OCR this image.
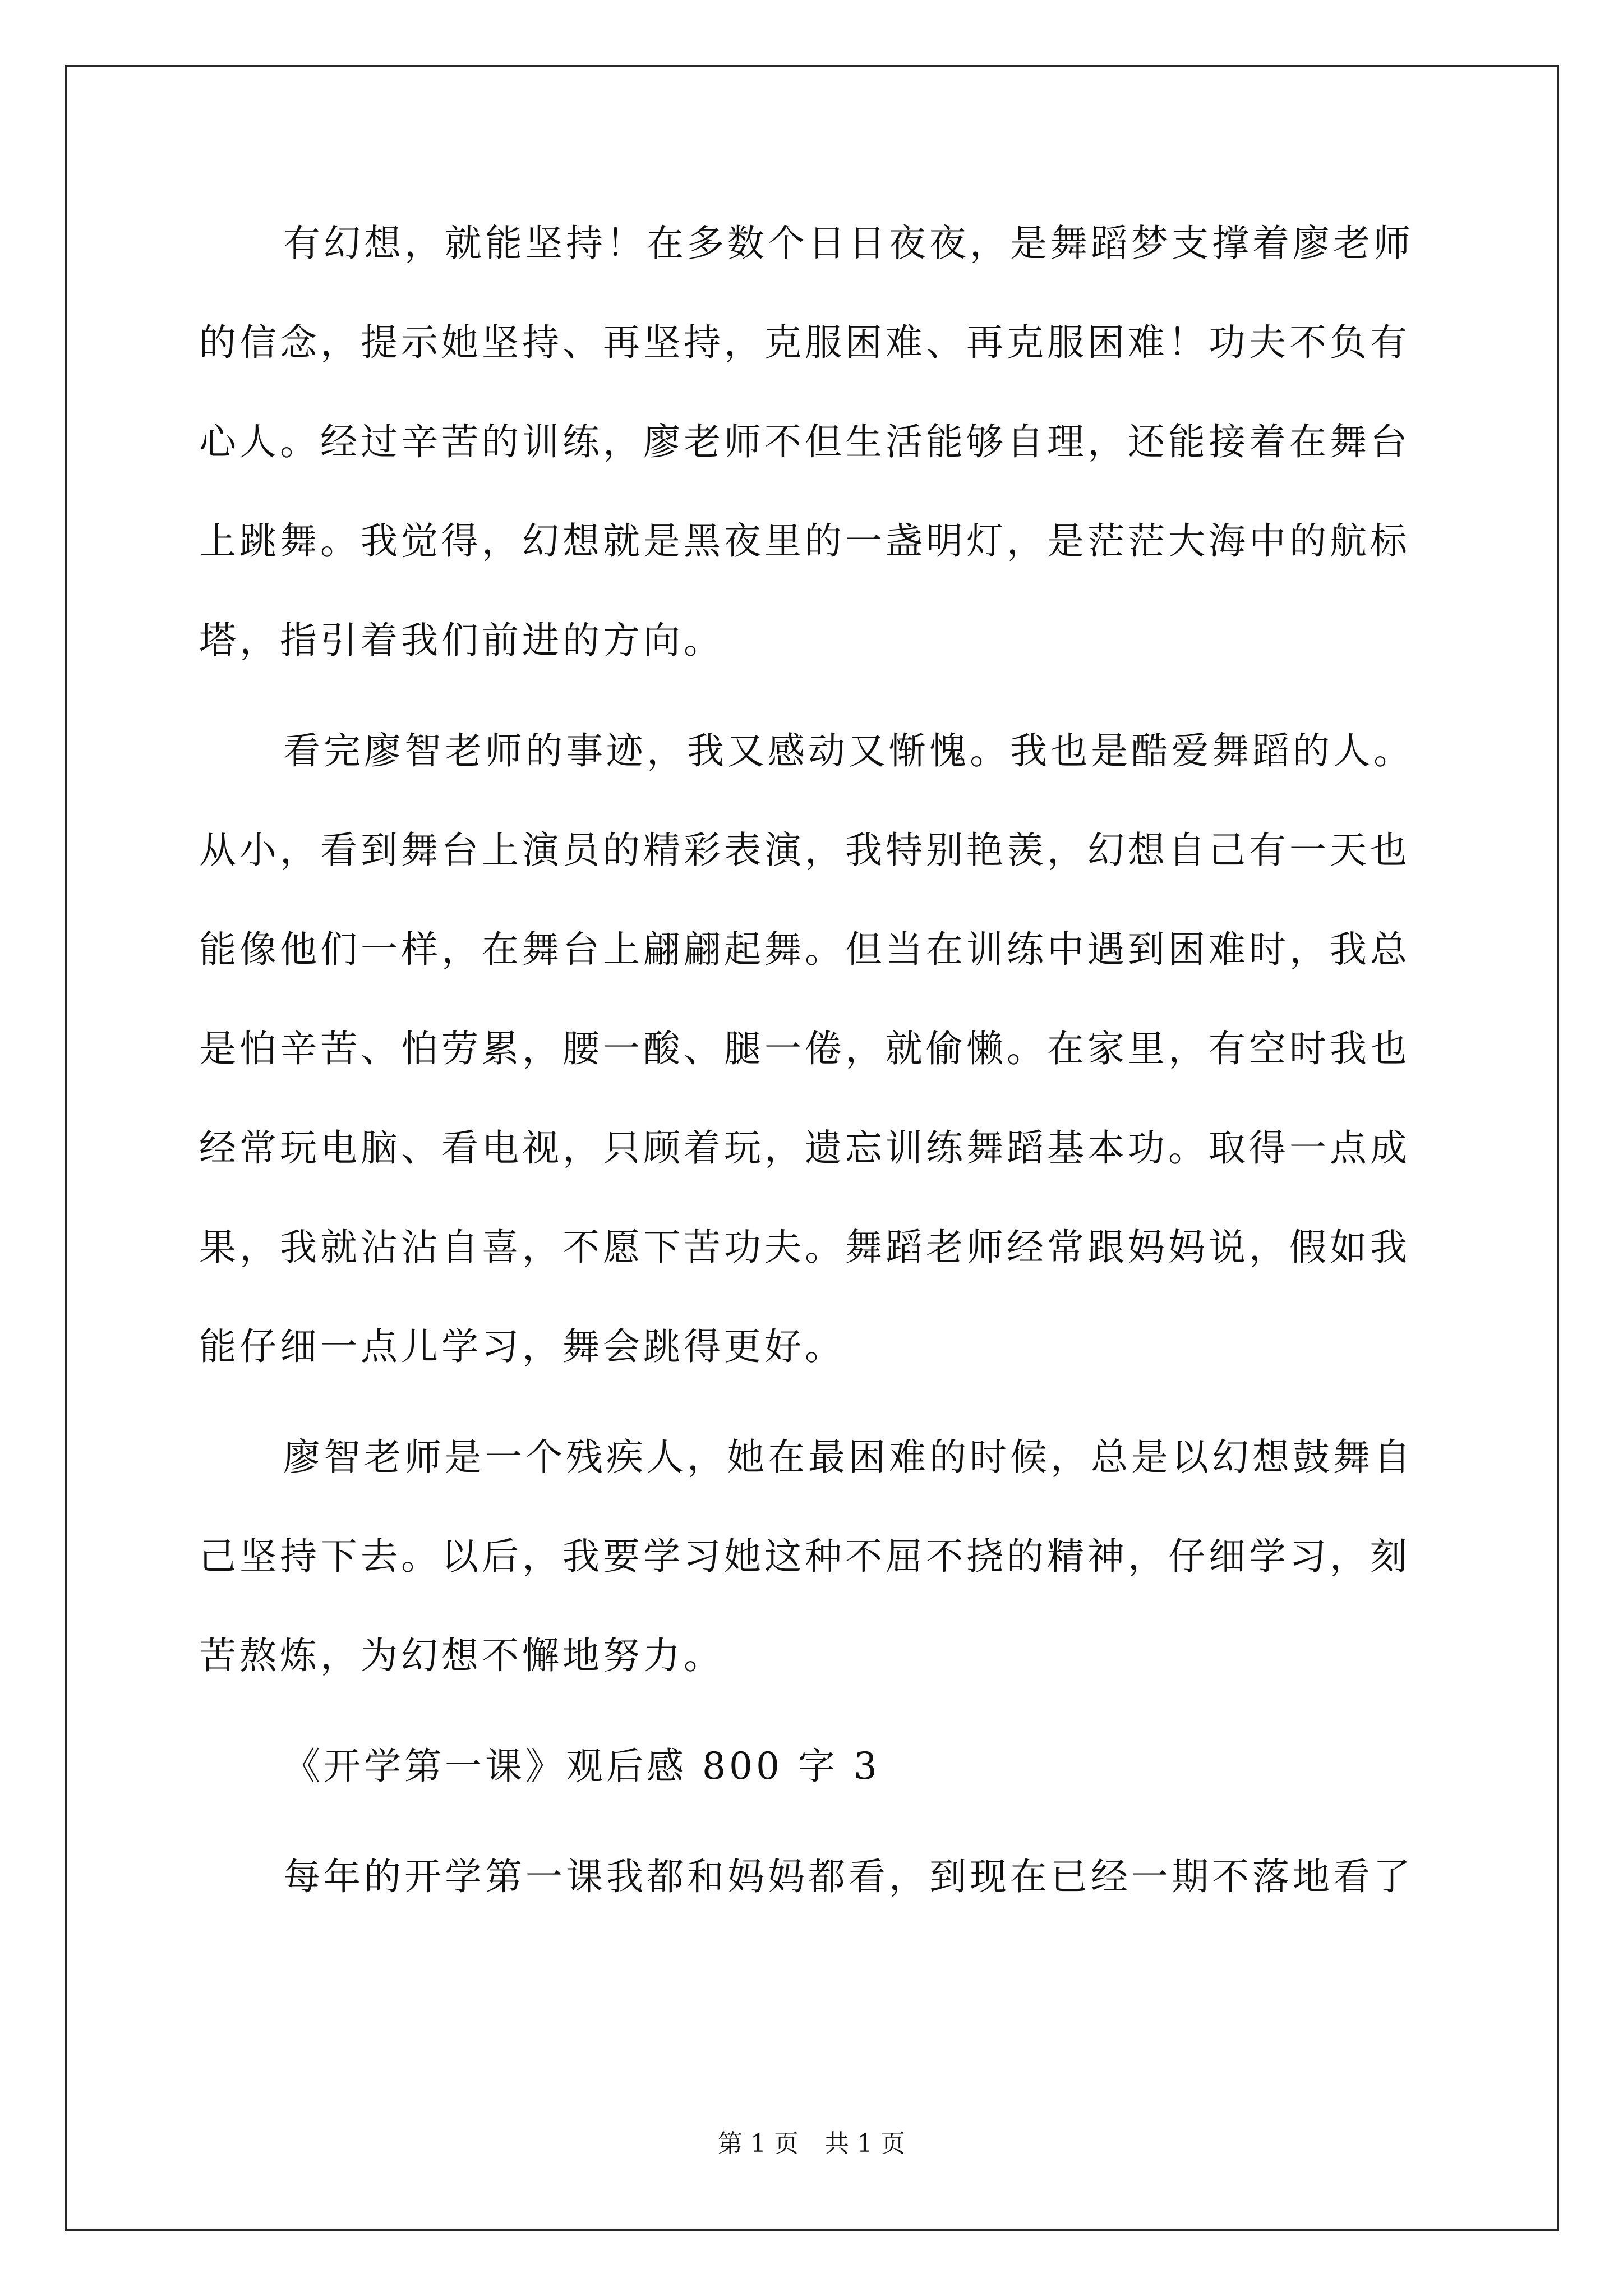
有幻想，就能坚持！在多数个日日夜夜，是舞蹈梦支撑着廖老师
的信念，提示她坚持、再坚持，克服困难、再克服困难！功夫不负有
心人。经过辛苦的训练，廖老师不但生活能够自理，还能接着在舞台
上跳舞。我觉得，幻想就是黑夜里的一盏明灯，是茫茫大海中的航标
塔，指引着我们前进的方向。
看完廖智老师的事迹，我又感动又惭愧。我也是酷爱舞蹈的人。
从小，看到舞台上演员的精彩表演，我特别艳羡，幻想自己有一天也
能像他们一样，在舞台上翩翩起舞。但当在训练中遇到困难时，我总
是怕辛苦、怕劳累，腰一酸、腿一倦，就偷懒。在家里，有空时我也
经常玩电脑、看电视，只顾着玩，遗忘训练舞蹈基本功。取得一点成
果，我就沾沾自喜，不愿下苦功夫。舞蹈老师经常跟妈妈说，假如我
能仔细一点儿学习，舞会跳得更好。
廖智老师是一个残疾人，她在最困难的时候，总是以幻想鼓舞自
己坚持下去。以后，我要学习她这种不屈不挠的精神，仔细学习，刻
苦熬炼，为幻想不懈地努力。
《开学第一课》观后感 800 字 3
每年的开学第一课我都和妈妈都看，到现在已经一期不落地看了
第 1 页 共 1 页
